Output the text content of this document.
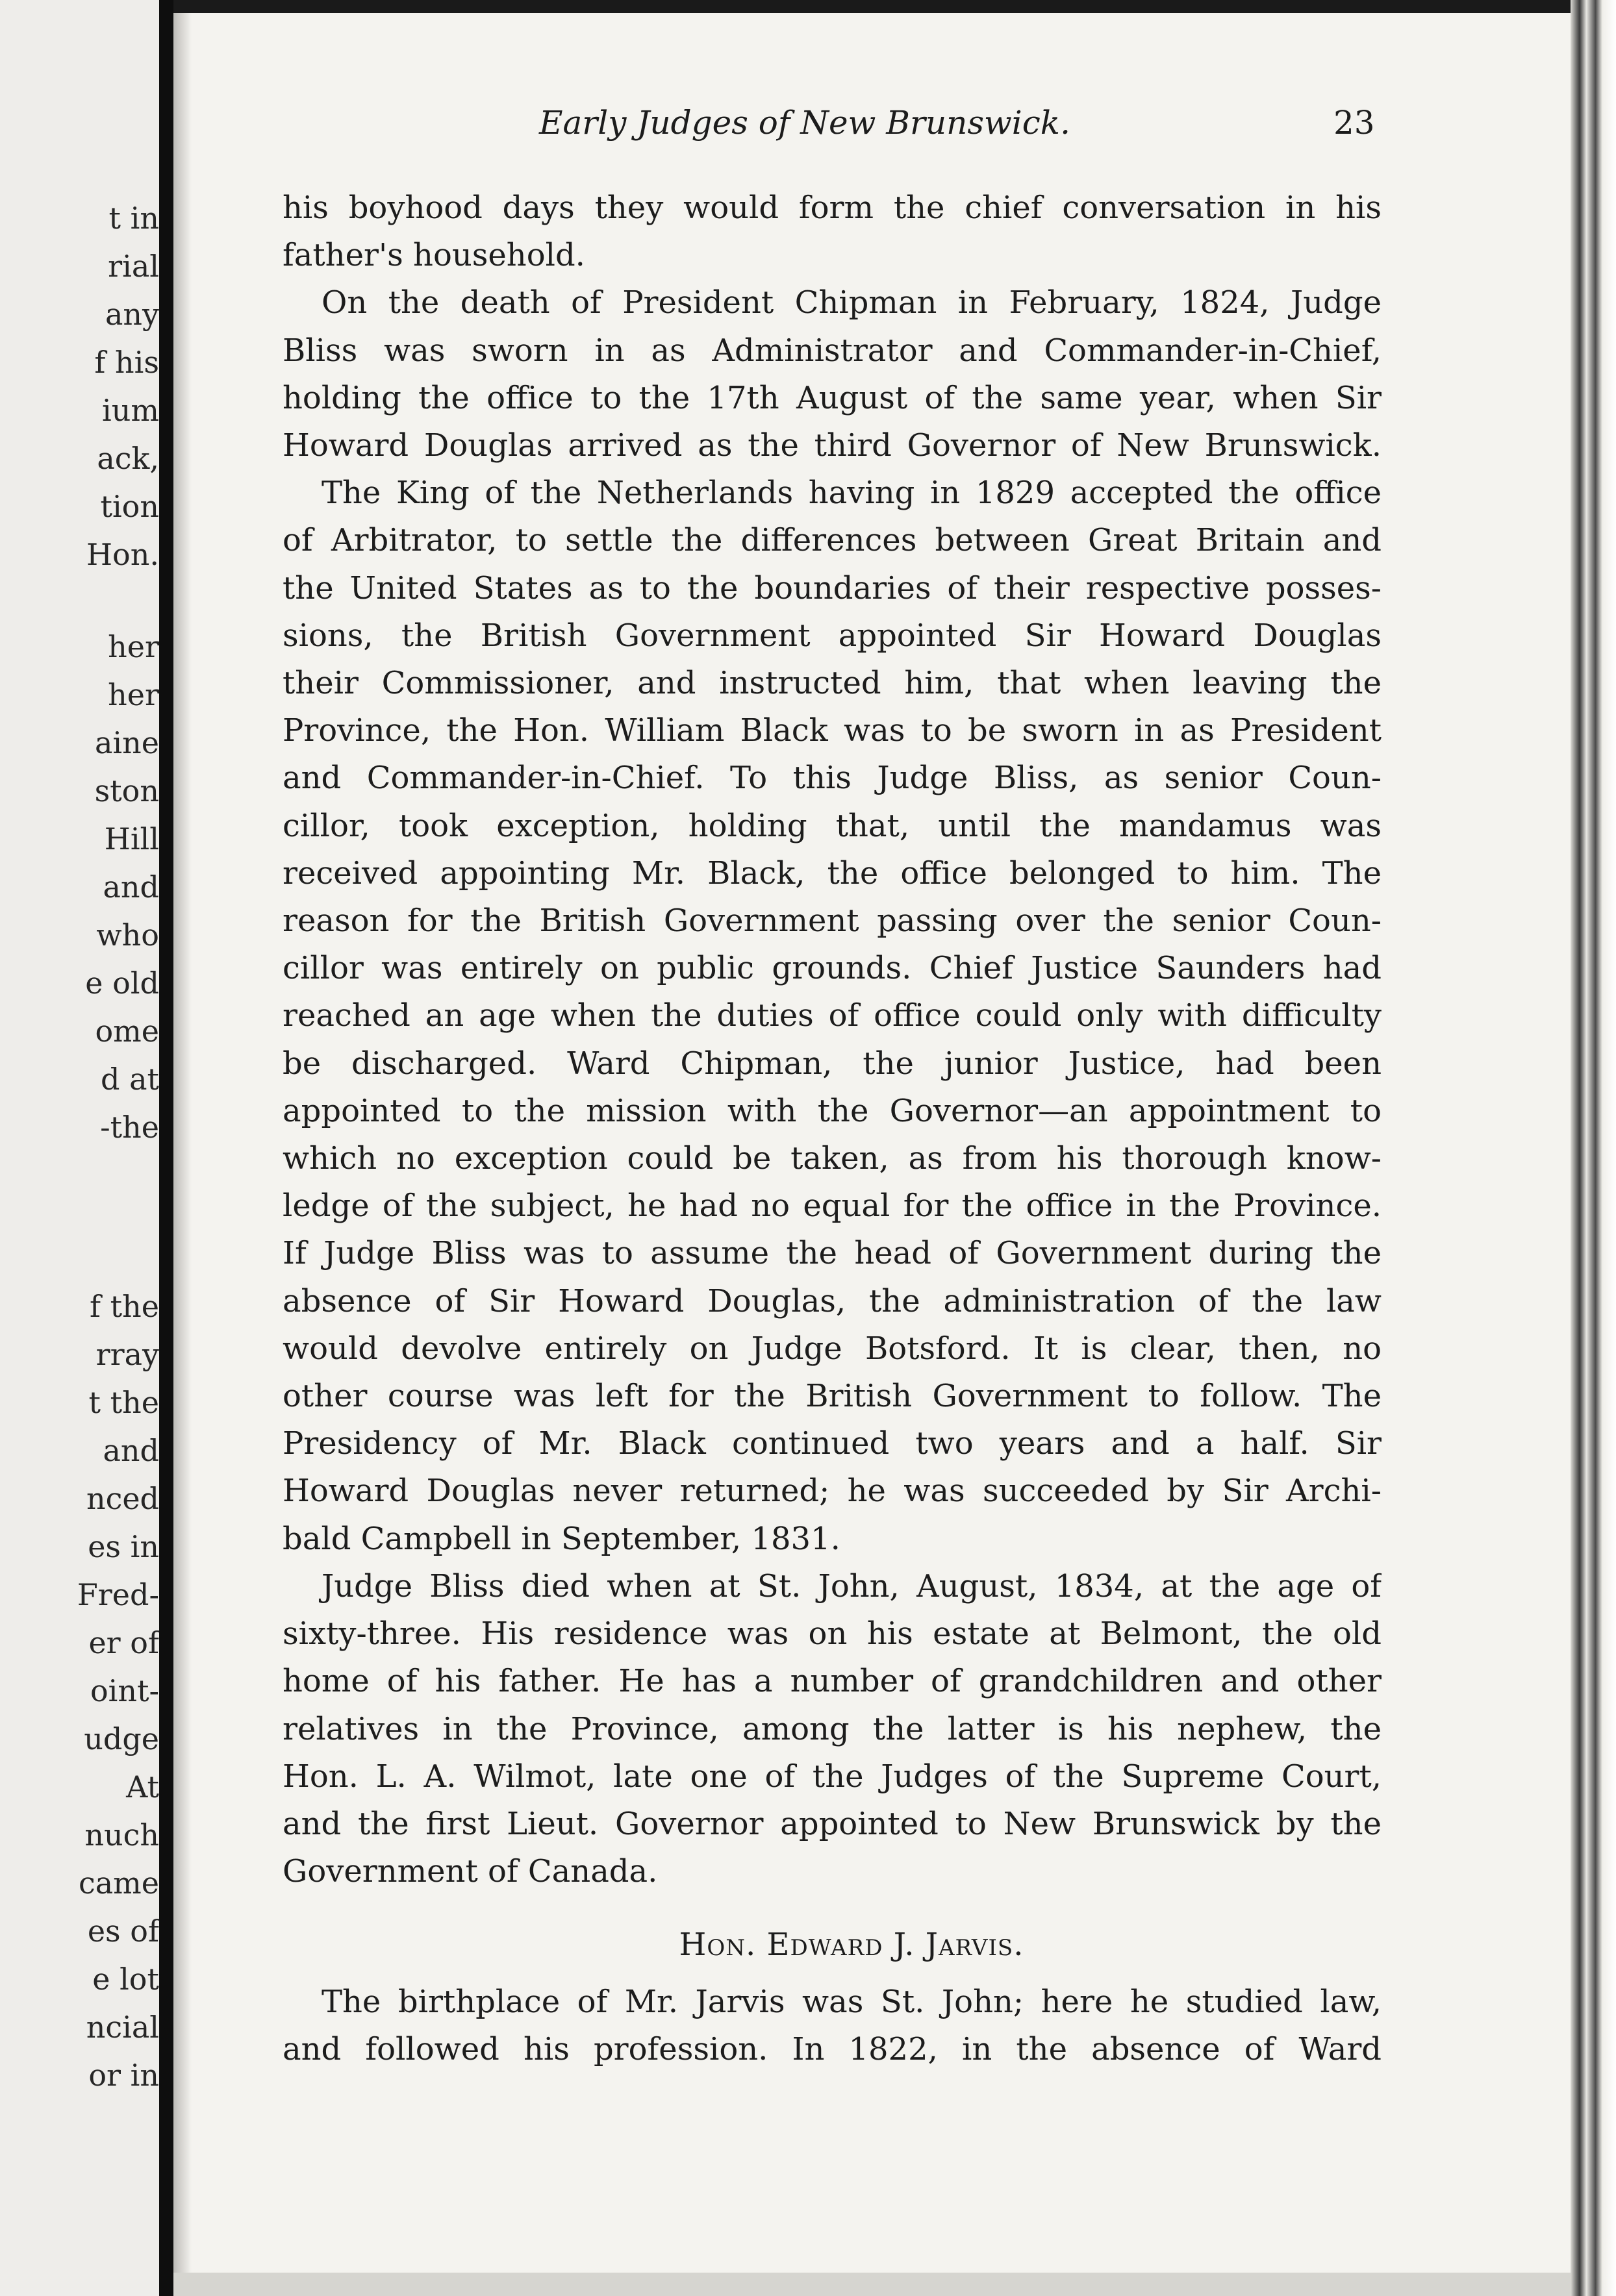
t in
rial
any
f his
ium
ack,
tion
Hon.
her
her
aine
ston
Hill
and
who
e old
ome
d at
-the
f the
rray
t the
and
nced
es in
Fred-
er of
oint-
udge
At
nuch
came
es of
e lot
ncial
or in
Early Judges of New Brunswick.	23
his boyhood days they would form the chief conversation in his
father's household.
On the death of President Chipman in February, 1824, Judge
Bliss was sworn in as Administrator and Commander-in-Chief,
holding the office to the 17th August of the same year, when Sir
Howard Douglas arrived as the third Governor of New Brunswick.
The King of the Netherlands having in 1829 accepted the office
of Arbitrator, to settle the differences between Great Britain and
the United States as to the boundaries of their respective posses-
sions, the British Government appointed Sir Howard Douglas
their Commissioner, and instructed him, that when leaving the
Province, the Hon. William Black was to be sworn in as President
and Commander-in-Chief. To this Judge Bliss, as senior Coun-
cillor, took exception, holding that, until the mandamus was
received appointing Mr. Black, the office belonged to him. The
reason for the British Government passing over the senior Coun-
cillor was entirely on public grounds. Chief Justice Saunders had
reached an age when the duties of office could only with difficulty
be discharged. Ward Chipman, the junior Justice, had been
appointed to the mission with the Governor—an appointment to
which no exception could be taken, as from his thorough know-
ledge of the subject, he had no equal for the office in the Province.
If Judge Bliss was to assume the head of Government during the
absence of Sir Howard Douglas, the administration of the law
would devolve entirely on Judge Botsford. It is clear, then, no
other course was left for the British Government to follow. The
Presidency of Mr. Black continued two years and a half. Sir
Howard Douglas never returned; he was succeeded by Sir Archi-
bald Campbell in September, 1831.
Judge Bliss died when at St. John, August, 1834, at the age of
sixty-three. His residence was on his estate at Belmont, the old
home of his father. He has a number of grandchildren and other
relatives in the Province, among the latter is his nephew, the
Hon. L. A. Wilmot, late one of the Judges of the Supreme Court,
and the first Lieut. Governor appointed to New Brunswick by the
Government of Canada.
Hon. Edward J. Jarvis.
The birthplace of Mr. Jarvis was St. John; here he studied law,
and followed his profession. In 1822, in the absence of Ward
